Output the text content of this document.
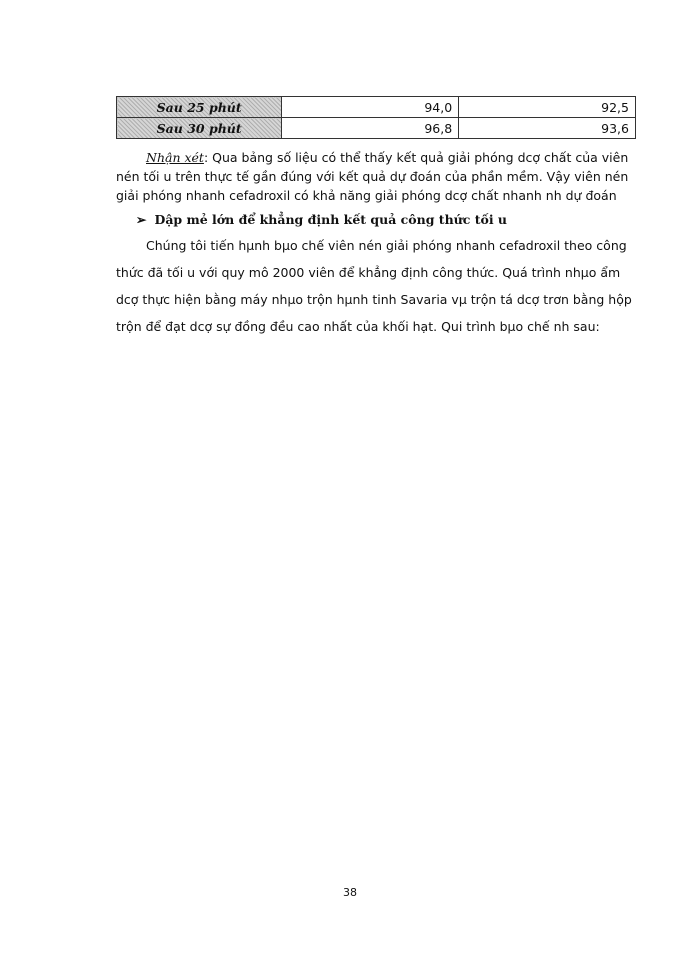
Sau 25 phút	94,0	92,5
Sau 30 phút	96,8	93,6

Nhận xét: Qua bảng số liệu có thể thấy kết quả giải phóng dcợ chất của viên
nén tối u trên thực tế gần đúng với kết quả dự đoán của phần mềm. Vậy viên nén
giải phóng nhanh cefadroxil có khả năng giải phóng dcợ chất nhanh nh dự đoán

➢ Dập mẻ lớn để khẳng định kết quả công thức tối u

Chúng tôi tiến hµnh bµo chế viên nén giải phóng nhanh cefadroxil theo công
thức đã tối u với quy mô 2000 viên để khẳng định công thức. Quá trình nhµo ẩm
dcợ thực hiện bằng máy nhµo trộn hµnh tinh Savaria vµ trộn tá dcợ trơn bằng hộp
trộn để đạt dcợ sự đồng đều cao nhất của khối hạt. Qui trình bµo chế nh sau:

38
